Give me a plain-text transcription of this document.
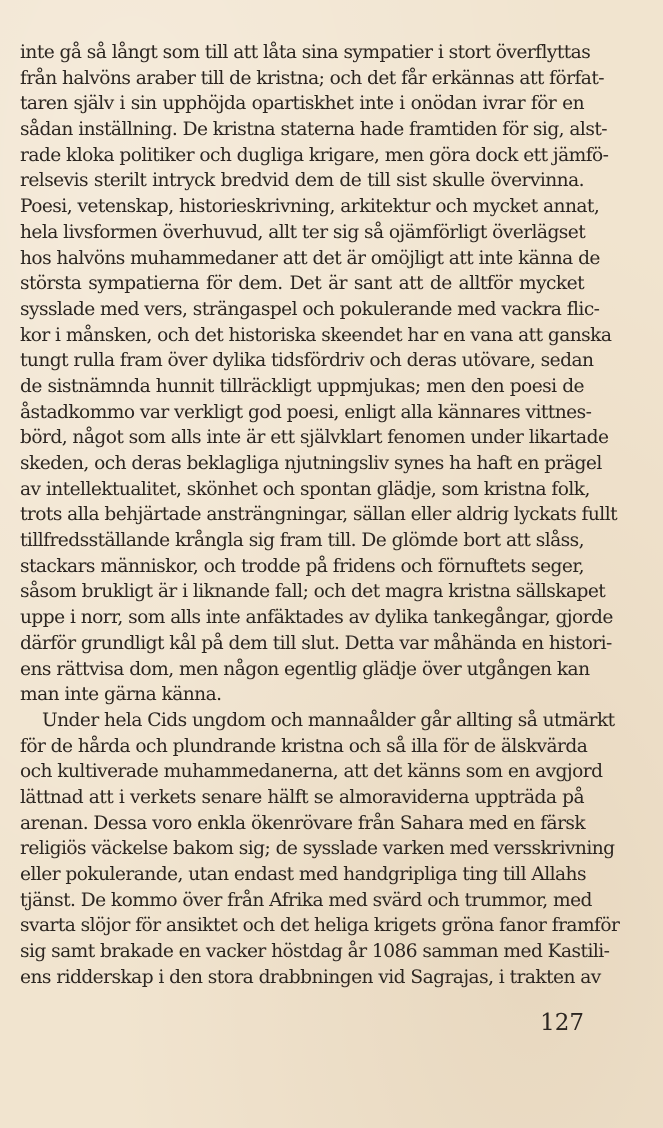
inte gå så långt som till att låta sina sympatier i stort överflyttas
från halvöns araber till de kristna; och det får erkännas att förfat-
taren själv i sin upphöjda opartiskhet inte i onödan ivrar för en
sådan inställning. De kristna staterna hade framtiden för sig, alst-
rade kloka politiker och dugliga krigare, men göra dock ett jämfö-
relsevis sterilt intryck bredvid dem de till sist skulle övervinna.
Poesi, vetenskap, historieskrivning, arkitektur och mycket annat,
hela livsformen överhuvud, allt ter sig så ojämförligt överlägset
hos halvöns muhammedaner att det är omöjligt att inte känna de
största sympatierna för dem. Det är sant att de alltför mycket
sysslade med vers, strängaspel och pokulerande med vackra flic-
kor i månsken, och det historiska skeendet har en vana att ganska
tungt rulla fram över dylika tidsfördriv och deras utövare, sedan
de sistnämnda hunnit tillräckligt uppmjukas; men den poesi de
åstadkommo var verkligt god poesi, enligt alla kännares vittnes-
börd, något som alls inte är ett självklart fenomen under likartade
skeden, och deras beklagliga njutningsliv synes ha haft en prägel
av intellektualitet, skönhet och spontan glädje, som kristna folk,
trots alla behjärtade ansträngningar, sällan eller aldrig lyckats fullt
tillfredsställande krångla sig fram till. De glömde bort att slåss,
stackars människor, och trodde på fridens och förnuftets seger,
såsom brukligt är i liknande fall; och det magra kristna sällskapet
uppe i norr, som alls inte anfäktades av dylika tankegångar, gjorde
därför grundligt kål på dem till slut. Detta var måhända en histori-
ens rättvisa dom, men någon egentlig glädje över utgången kan
man inte gärna känna.
Under hela Cids ungdom och mannaålder går allting så utmärkt
för de hårda och plundrande kristna och så illa för de älskvärda
och kultiverade muhammedanerna, att det känns som en avgjord
lättnad att i verkets senare hälft se almoraviderna uppträda på
arenan. Dessa voro enkla ökenrövare från Sahara med en färsk
religiös väckelse bakom sig; de sysslade varken med versskrivning
eller pokulerande, utan endast med handgripliga ting till Allahs
tjänst. De kommo över från Afrika med svärd och trummor, med
svarta slöjor för ansiktet och det heliga krigets gröna fanor framför
sig samt brakade en vacker höstdag år 1086 samman med Kastili-
ens ridderskap i den stora drabbningen vid Sagrajas, i trakten av
127
